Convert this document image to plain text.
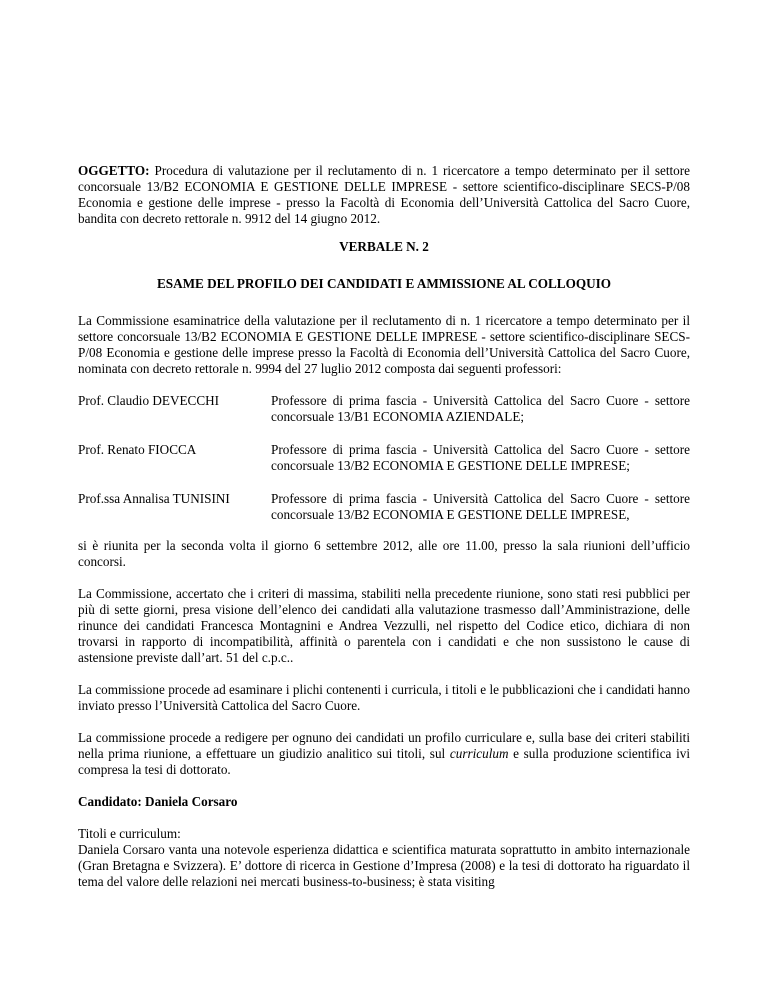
OGGETTO: Procedura di valutazione per il reclutamento di n. 1 ricercatore a tempo determinato per il settore concorsuale 13/B2 ECONOMIA E GESTIONE DELLE IMPRESE - settore scientifico-disciplinare SECS-P/08 Economia e gestione delle imprese - presso la Facoltà di Economia dell’Università Cattolica del Sacro Cuore, bandita con decreto rettorale n. 9912 del 14 giugno 2012.

VERBALE N. 2

ESAME DEL PROFILO DEI CANDIDATI E AMMISSIONE AL COLLOQUIO

La Commissione esaminatrice della valutazione per il reclutamento di n. 1 ricercatore a tempo determinato per il settore concorsuale 13/B2 ECONOMIA E GESTIONE DELLE IMPRESE - settore scientifico-disciplinare SECS-P/08 Economia e gestione delle imprese presso la Facoltà di Economia dell’Università Cattolica del Sacro Cuore, nominata con decreto rettorale n. 9994 del 27 luglio 2012 composta dai seguenti professori:

Prof. Claudio DEVECCHI	Professore di prima fascia - Università Cattolica del Sacro Cuore - settore concorsuale 13/B1 ECONOMIA AZIENDALE;
Prof. Renato FIOCCA	Professore di prima fascia - Università Cattolica del Sacro Cuore - settore concorsuale 13/B2 ECONOMIA E GESTIONE DELLE IMPRESE;
Prof.ssa Annalisa TUNISINI	Professore di prima fascia - Università Cattolica del Sacro Cuore - settore concorsuale 13/B2 ECONOMIA E GESTIONE DELLE IMPRESE,

si è riunita per la seconda volta il giorno 6 settembre 2012, alle ore 11.00, presso la sala riunioni dell’ufficio concorsi.

La Commissione, accertato che i criteri di massima, stabiliti nella precedente riunione, sono stati resi pubblici per più di sette giorni, presa visione dell’elenco dei candidati alla valutazione trasmesso dall’Amministrazione, delle rinunce dei candidati Francesca Montagnini e Andrea Vezzulli, nel rispetto del Codice etico, dichiara di non trovarsi in rapporto di incompatibilità, affinità o parentela con i candidati e che non sussistono le cause di astensione previste dall’art. 51 del c.p.c..

La commissione procede ad esaminare i plichi contenenti i curricula, i titoli e le pubblicazioni che i candidati hanno inviato presso l’Università Cattolica del Sacro Cuore.

La commissione procede a redigere per ognuno dei candidati un profilo curriculare e, sulla base dei criteri stabiliti nella prima riunione, a effettuare un giudizio analitico sui titoli, sul curriculum e sulla produzione scientifica ivi compresa la tesi di dottorato.

Candidato: Daniela Corsaro

Titoli e curriculum:

Daniela Corsaro vanta una notevole esperienza didattica e scientifica maturata soprattutto in ambito internazionale (Gran Bretagna e Svizzera). E’ dottore di ricerca in Gestione d’Impresa (2008) e la tesi di dottorato ha riguardato il tema del valore delle relazioni nei mercati business-to-business; è stata visiting
